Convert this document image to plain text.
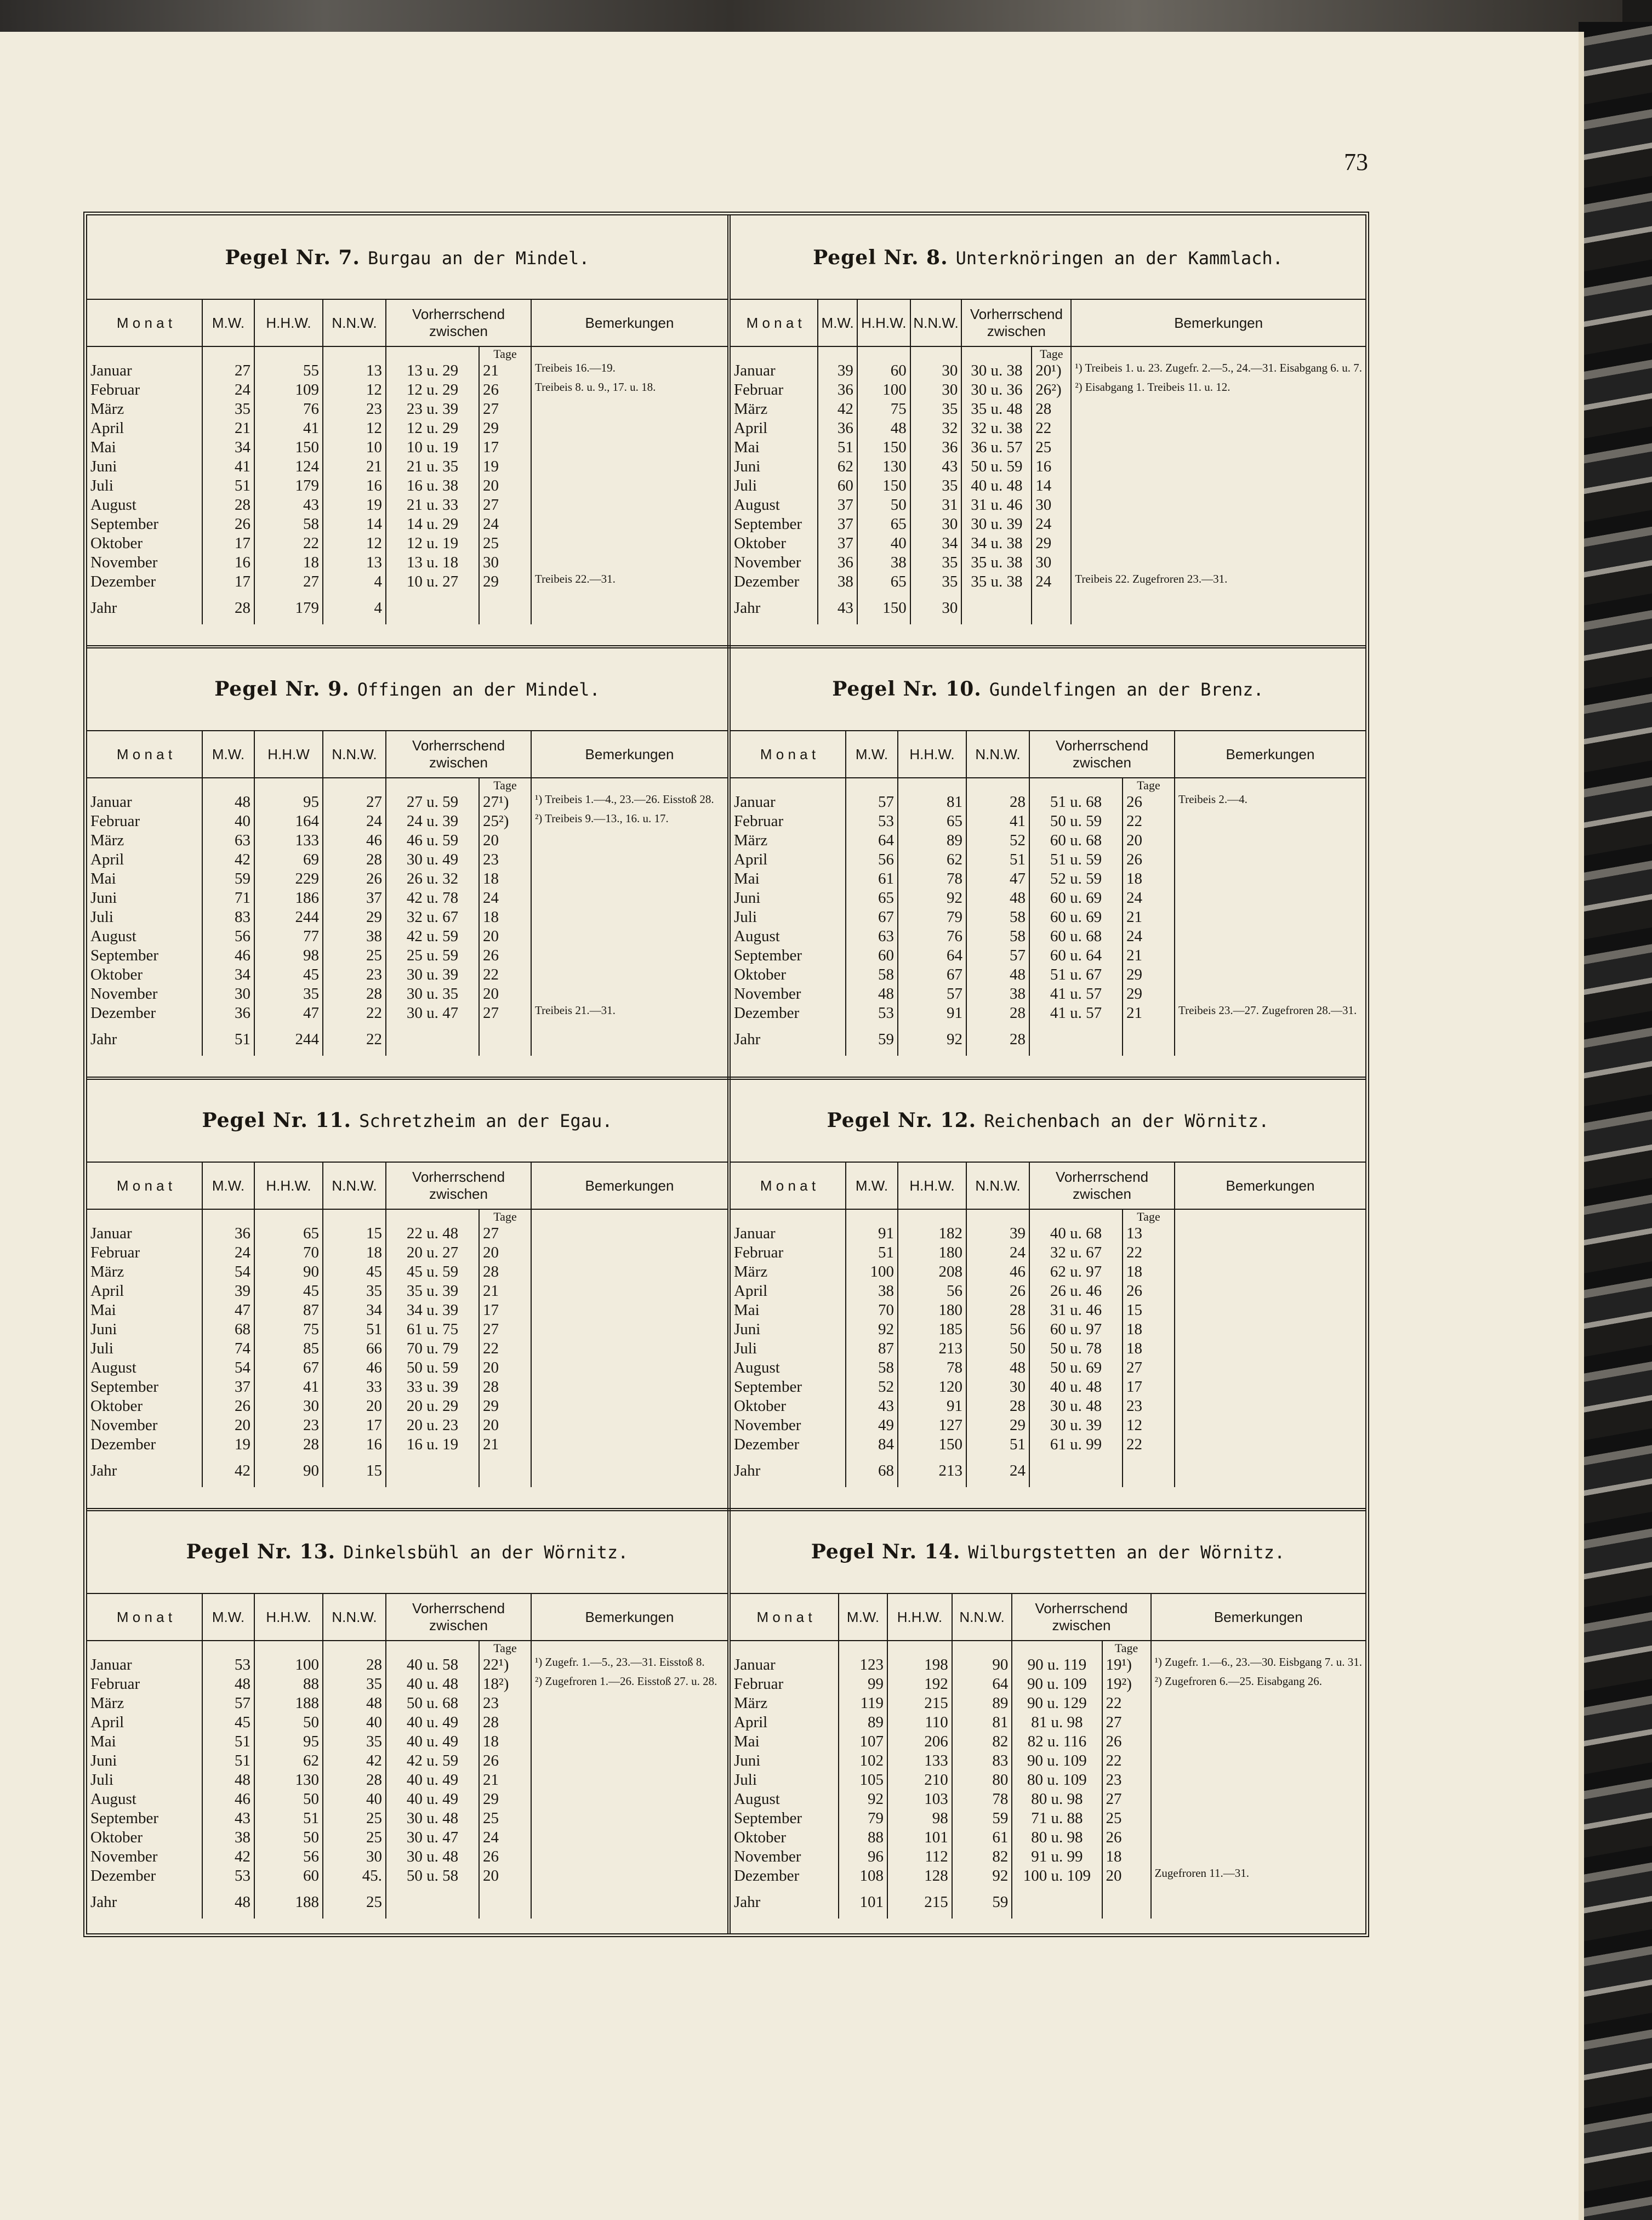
73
Pegel Nr. 7. Burgau an der Mindel.
M o n a t	M.W.	H.H.W.	N.N.W.	Vorherrschend zwischen		Bemerkungen
					Tage	
Januar	27	55	13	13 u. 29	21	Treibeis 16.—19.
Februar	24	109	12	12 u. 29	26	Treibeis 8. u. 9., 17. u. 18.
März	35	76	23	23 u. 39	27	
April	21	41	12	12 u. 29	29	
Mai	34	150	10	10 u. 19	17	
Juni	41	124	21	21 u. 35	19	
Juli	51	179	16	16 u. 38	20	
August	28	43	19	21 u. 33	27	
September	26	58	14	14 u. 29	24	
Oktober	17	22	12	12 u. 19	25	
November	16	18	13	13 u. 18	30	
Dezember	17	27	4	10 u. 27	29	Treibeis 22.—31.
Jahr	28	179	4			
Pegel Nr. 8. Unterknöringen an der Kammlach.
M o n a t	M.W.	H.H.W.	N.N.W.	Vorherrschend zwischen		Bemerkungen
					Tage	
Januar	39	60	30	30 u. 38	20¹)	¹) Treibeis 1. u. 23. Zugefr. 2.—5., 24.—31. Eisabgang 6. u. 7.
Februar	36	100	30	30 u. 36	26²)	²) Eisabgang 1. Treibeis 11. u. 12.
März	42	75	35	35 u. 48	28	
April	36	48	32	32 u. 38	22	
Mai	51	150	36	36 u. 57	25	
Juni	62	130	43	50 u. 59	16	
Juli	60	150	35	40 u. 48	14	
August	37	50	31	31 u. 46	30	
September	37	65	30	30 u. 39	24	
Oktober	37	40	34	34 u. 38	29	
November	36	38	35	35 u. 38	30	
Dezember	38	65	35	35 u. 38	24	Treibeis 22. Zugefroren 23.—31.
Jahr	43	150	30			
Pegel Nr. 9. Offingen an der Mindel.
M o n a t	M.W.	H.H.W	N.N.W.	Vorherrschend zwischen		Bemerkungen
					Tage	
Januar	48	95	27	27 u. 59	27¹)	¹) Treibeis 1.—4., 23.—26. Eisstoß 28.
Februar	40	164	24	24 u. 39	25²)	²) Treibeis 9.—13., 16. u. 17.
März	63	133	46	46 u. 59	20	
April	42	69	28	30 u. 49	23	
Mai	59	229	26	26 u. 32	18	
Juni	71	186	37	42 u. 78	24	
Juli	83	244	29	32 u. 67	18	
August	56	77	38	42 u. 59	20	
September	46	98	25	25 u. 59	26	
Oktober	34	45	23	30 u. 39	22	
November	30	35	28	30 u. 35	20	
Dezember	36	47	22	30 u. 47	27	Treibeis 21.—31.
Jahr	51	244	22			
Pegel Nr. 10. Gundelfingen an der Brenz.
M o n a t	M.W.	H.H.W.	N.N.W.	Vorherrschend zwischen		Bemerkungen
					Tage	
Januar	57	81	28	51 u. 68	26	Treibeis 2.—4.
Februar	53	65	41	50 u. 59	22	
März	64	89	52	60 u. 68	20	
April	56	62	51	51 u. 59	26	
Mai	61	78	47	52 u. 59	18	
Juni	65	92	48	60 u. 69	24	
Juli	67	79	58	60 u. 69	21	
August	63	76	58	60 u. 68	24	
September	60	64	57	60 u. 64	21	
Oktober	58	67	48	51 u. 67	29	
November	48	57	38	41 u. 57	29	
Dezember	53	91	28	41 u. 57	21	Treibeis 23.—27. Zugefroren 28.—31.
Jahr	59	92	28			
Pegel Nr. 11. Schretzheim an der Egau.
M o n a t	M.W.	H.H.W.	N.N.W.	Vorherrschend zwischen		Bemerkungen
					Tage	
Januar	36	65	15	22 u. 48	27	
Februar	24	70	18	20 u. 27	20	
März	54	90	45	45 u. 59	28	
April	39	45	35	35 u. 39	21	
Mai	47	87	34	34 u. 39	17	
Juni	68	75	51	61 u. 75	27	
Juli	74	85	66	70 u. 79	22	
August	54	67	46	50 u. 59	20	
September	37	41	33	33 u. 39	28	
Oktober	26	30	20	20 u. 29	29	
November	20	23	17	20 u. 23	20	
Dezember	19	28	16	16 u. 19	21	
Jahr	42	90	15			
Pegel Nr. 12. Reichenbach an der Wörnitz.
M o n a t	M.W.	H.H.W.	N.N.W.	Vorherrschend zwischen		Bemerkungen
					Tage	
Januar	91	182	39	40 u. 68	13	
Februar	51	180	24	32 u. 67	22	
März	100	208	46	62 u. 97	18	
April	38	56	26	26 u. 46	26	
Mai	70	180	28	31 u. 46	15	
Juni	92	185	56	60 u. 97	18	
Juli	87	213	50	50 u. 78	18	
August	58	78	48	50 u. 69	27	
September	52	120	30	40 u. 48	17	
Oktober	43	91	28	30 u. 48	23	
November	49	127	29	30 u. 39	12	
Dezember	84	150	51	61 u. 99	22	
Jahr	68	213	24			
Pegel Nr. 13. Dinkelsbühl an der Wörnitz.
M o n a t	M.W.	H.H.W.	N.N.W.	Vorherrschend zwischen		Bemerkungen
					Tage	
Januar	53	100	28	40 u. 58	22¹)	¹) Zugefr. 1.—5., 23.—31. Eisstoß 8.
Februar	48	88	35	40 u. 48	18²)	²) Zugefroren 1.—26. Eisstoß 27. u. 28.
März	57	188	48	50 u. 68	23	
April	45	50	40	40 u. 49	28	
Mai	51	95	35	40 u. 49	18	
Juni	51	62	42	42 u. 59	26	
Juli	48	130	28	40 u. 49	21	
August	46	50	40	40 u. 49	29	
September	43	51	25	30 u. 48	25	
Oktober	38	50	25	30 u. 47	24	
November	42	56	30	30 u. 48	26	
Dezember	53	60	45.	50 u. 58	20	
Jahr	48	188	25			
Pegel Nr. 14. Wilburgstetten an der Wörnitz.
M o n a t	M.W.	H.H.W.	N.N.W.	Vorherrschend zwischen		Bemerkungen
					Tage	
Januar	123	198	90	90 u. 119	19¹)	¹) Zugefr. 1.—6., 23.—30. Eisbgang 7. u. 31.
Februar	99	192	64	90 u. 109	19²)	²) Zugefroren 6.—25. Eisabgang 26.
März	119	215	89	90 u. 129	22	
April	89	110	81	81 u. 98	27	
Mai	107	206	82	82 u. 116	26	
Juni	102	133	83	90 u. 109	22	
Juli	105	210	80	80 u. 109	23	
August	92	103	78	80 u. 98	27	
September	79	98	59	71 u. 88	25	
Oktober	88	101	61	80 u. 98	26	
November	96	112	82	91 u. 99	18	
Dezember	108	128	92	100 u. 109	20	Zugefroren 11.—31.
Jahr	101	215	59			
